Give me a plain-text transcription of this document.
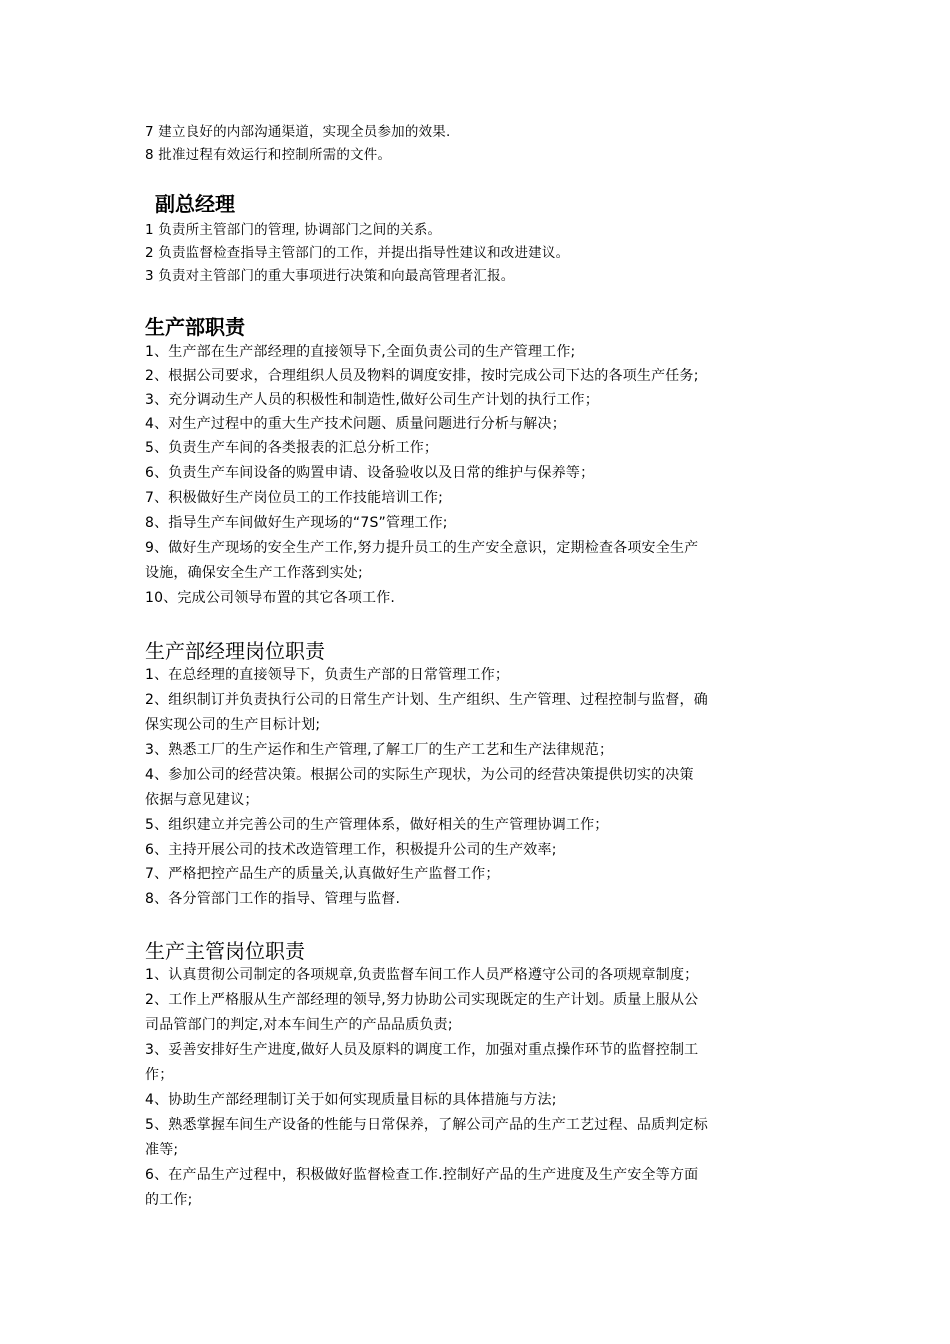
7 建立良好的内部沟通渠道，实现全员参加的效果.
8 批准过程有效运行和控制所需的文件。
副总经理
1 负责所主管部门的管理, 协调部门之间的关系。
2 负责监督检查指导主管部门的工作，并提出指导性建议和改进建议。
3 负责对主管部门的重大事项进行决策和向最高管理者汇报。
生产部职责
1、生产部在生产部经理的直接领导下,全面负责公司的生产管理工作;
2、根据公司要求，合理组织人员及物料的调度安排，按时完成公司下达的各项生产任务;
3、充分调动生产人员的积极性和制造性,做好公司生产计划的执行工作；
4、对生产过程中的重大生产技术问题、质量问题进行分析与解决；
5、负责生产车间的各类报表的汇总分析工作；
6、负责生产车间设备的购置申请、设备验收以及日常的维护与保养等；
7、积极做好生产岗位员工的工作技能培训工作;
8、指导生产车间做好生产现场的“7S”管理工作;
9、做好生产现场的安全生产工作,努力提升员工的生产安全意识，定期检查各项安全生产
设施，确保安全生产工作落到实处;
10、完成公司领导布置的其它各项工作.
生产部经理岗位职责
1、在总经理的直接领导下，负责生产部的日常管理工作；
2、组织制订并负责执行公司的日常生产计划、生产组织、生产管理、过程控制与监督，确
保实现公司的生产目标计划;
3、熟悉工厂的生产运作和生产管理,了解工厂的生产工艺和生产法律规范；
4、参加公司的经营决策。根据公司的实际生产现状，为公司的经营决策提供切实的决策
依据与意见建议；
5、组织建立并完善公司的生产管理体系，做好相关的生产管理协调工作；
6、主持开展公司的技术改造管理工作，积极提升公司的生产效率;
7、严格把控产品生产的质量关,认真做好生产监督工作；
8、各分管部门工作的指导、管理与监督.
生产主管岗位职责
1、认真贯彻公司制定的各项规章,负责监督车间工作人员严格遵守公司的各项规章制度；
2、工作上严格服从生产部经理的领导,努力协助公司实现既定的生产计划。质量上服从公
司品管部门的判定,对本车间生产的产品品质负责;
3、妥善安排好生产进度,做好人员及原料的调度工作，加强对重点操作环节的监督控制工
作；
4、协助生产部经理制订关于如何实现质量目标的具体措施与方法;
5、熟悉掌握车间生产设备的性能与日常保养，了解公司产品的生产工艺过程、品质判定标
准等;
6、在产品生产过程中，积极做好监督检查工作.控制好产品的生产进度及生产安全等方面
的工作;
